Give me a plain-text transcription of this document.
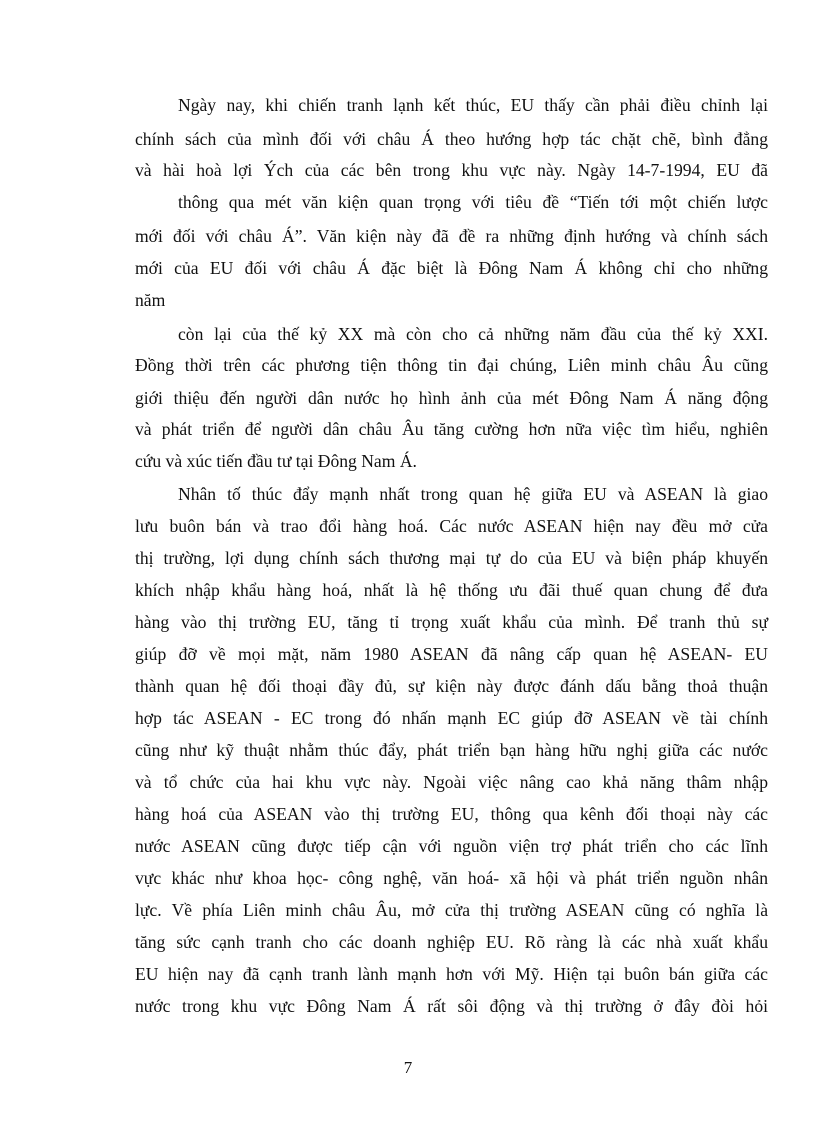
Ngày nay, khi chiến tranh lạnh kết thúc, EU thấy cần phải điều chỉnh lại
chính sách của mình đối với châu Á theo hướng hợp tác chặt chẽ, bình đẳng
và hài hoà lợi Ých của các bên trong khu vực này. Ngày 14-7-1994, EU đã
thông qua mét văn kiện quan trọng với tiêu đề “Tiến tới một chiến lược
mới đối với châu Á”. Văn kiện này đã đề ra những định hướng và chính sách
mới của EU đối với châu Á đặc biệt là Đông Nam Á không chỉ cho những
năm
còn lại của thế kỷ XX mà còn cho cả những năm đầu của thế kỷ XXI.
Đồng thời trên các phương tiện thông tin đại chúng, Liên minh châu Âu cũng
giới thiệu đến người dân nước họ hình ảnh của mét Đông Nam Á năng động
và phát triển để người dân châu Âu tăng cường hơn nữa việc tìm hiểu, nghiên
cứu và xúc tiến đầu tư tại Đông Nam Á.
Nhân tố thúc đẩy mạnh nhất trong quan hệ giữa EU và ASEAN là giao
lưu buôn bán và trao đổi hàng hoá. Các nước ASEAN hiện nay đều mở cửa
thị trường, lợi dụng chính sách thương mại tự do của EU và biện pháp khuyến
khích nhập khẩu hàng hoá, nhất là hệ thống ưu đãi thuế quan chung để đưa
hàng vào thị trường EU, tăng tỉ trọng xuất khẩu của mình. Để tranh thủ sự
giúp đỡ về mọi mặt, năm 1980 ASEAN đã nâng cấp quan hệ ASEAN- EU
thành quan hệ đối thoại đầy đủ, sự kiện này được đánh dấu bằng thoả thuận
hợp tác ASEAN - EC trong đó nhấn mạnh EC giúp đỡ ASEAN về tài chính
cũng như kỹ thuật nhằm thúc đẩy, phát triển bạn hàng hữu nghị giữa các nước
và tổ chức của hai khu vực này. Ngoài việc nâng cao khả năng thâm nhập
hàng hoá của ASEAN vào thị trường EU, thông qua kênh đối thoại này các
nước ASEAN cũng được tiếp cận với nguồn viện trợ phát triển cho các lĩnh
vực khác như khoa học- công nghệ, văn hoá- xã hội và phát triển nguồn nhân
lực. Về phía Liên minh châu Âu, mở cửa thị trường ASEAN cũng có nghĩa là
tăng sức cạnh tranh cho các doanh nghiệp EU. Rõ ràng là các nhà xuất khẩu
EU hiện nay đã cạnh tranh lành mạnh hơn với Mỹ. Hiện tại buôn bán giữa các
nước trong khu vực Đông Nam Á rất sôi động và thị trường ở đây đòi hỏi
7
